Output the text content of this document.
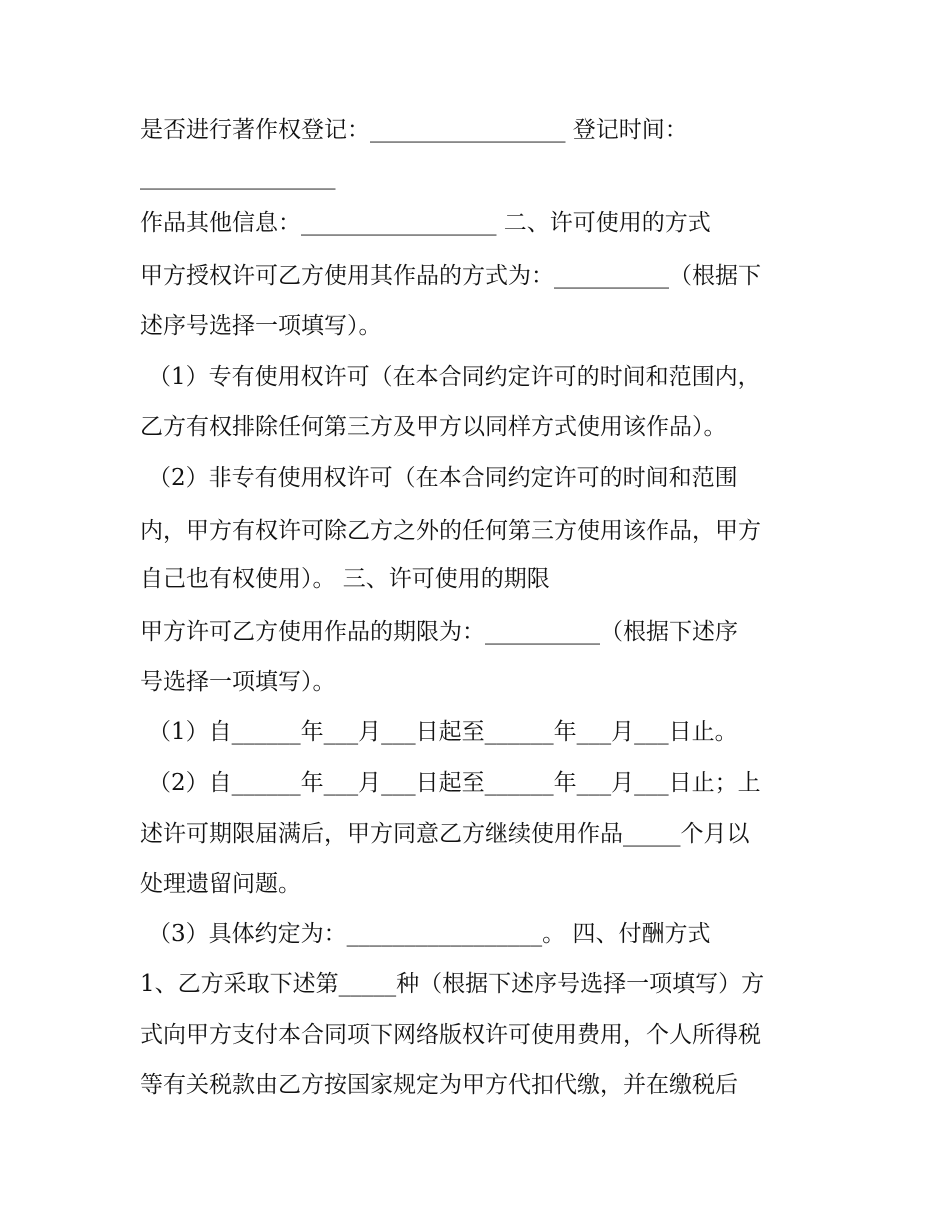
是否进行著作权登记：_________________ 登记时间：
_________________
作品其他信息：_________________ 二、许可使用的方式
甲方授权许可乙方使用其作品的方式为：__________（根据下
述序号选择一项填写）。
（1）专有使用权许可（在本合同约定许可的时间和范围内，
乙方有权排除任何第三方及甲方以同样方式使用该作品）。
（2）非专有使用权许可（在本合同约定许可的时间和范围
内，甲方有权许可除乙方之外的任何第三方使用该作品，甲方
自己也有权使用）。 三、许可使用的期限
甲方许可乙方使用作品的期限为：__________（根据下述序
号选择一项填写）。
（1）自______年___月___日起至______年___月___日止。
（2）自______年___月___日起至______年___月___日止；上
述许可期限届满后，甲方同意乙方继续使用作品_____个月以
处理遗留问题。
（3）具体约定为：_________________。 四、付酬方式
1、乙方采取下述第_____种（根据下述序号选择一项填写）方
式向甲方支付本合同项下网络版权许可使用费用，个人所得税
等有关税款由乙方按国家规定为甲方代扣代缴，并在缴税后
